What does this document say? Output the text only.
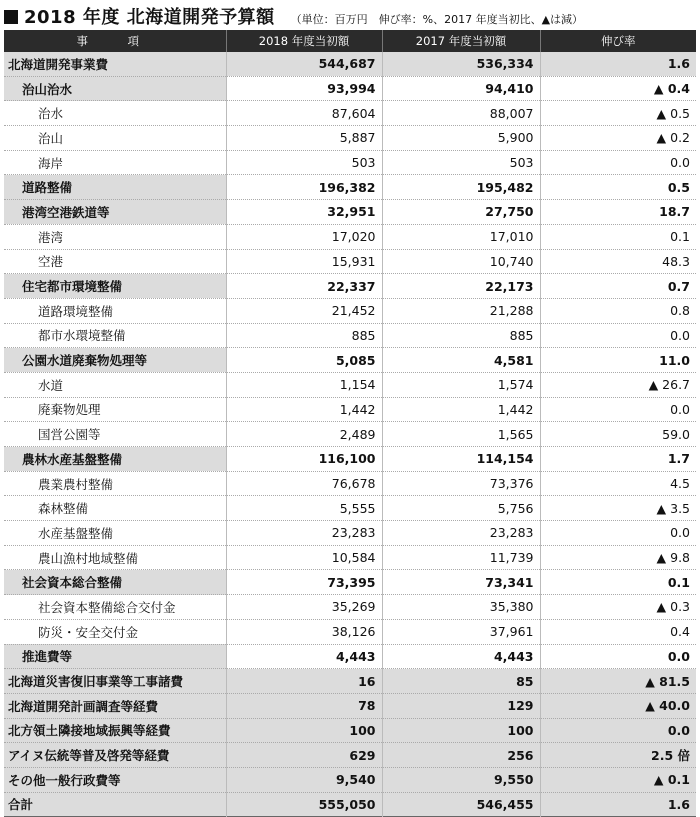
2018 年度 北海道開発予算額 （単位：百万円　伸び率：%、2017 年度当初比、▲は減）
事　項	2018 年度当初額	2017 年度当初額	伸び率
北海道開発事業費	544,687	536,334	1.6
治山治水	93,994	94,410	▲ 0.4
治水	87,604	88,007	▲ 0.5
治山	5,887	5,900	▲ 0.2
海岸	503	503	0.0
道路整備	196,382	195,482	0.5
港湾空港鉄道等	32,951	27,750	18.7
港湾	17,020	17,010	0.1
空港	15,931	10,740	48.3
住宅都市環境整備	22,337	22,173	0.7
道路環境整備	21,452	21,288	0.8
都市水環境整備	885	885	0.0
公園水道廃棄物処理等	5,085	4,581	11.0
水道	1,154	1,574	▲ 26.7
廃棄物処理	1,442	1,442	0.0
国営公園等	2,489	1,565	59.0
農林水産基盤整備	116,100	114,154	1.7
農業農村整備	76,678	73,376	4.5
森林整備	5,555	5,756	▲ 3.5
水産基盤整備	23,283	23,283	0.0
農山漁村地域整備	10,584	11,739	▲ 9.8
社会資本総合整備	73,395	73,341	0.1
社会資本整備総合交付金	35,269	35,380	▲ 0.3
防災・安全交付金	38,126	37,961	0.4
推進費等	4,443	4,443	0.0
北海道災害復旧事業等工事諸費	16	85	▲ 81.5
北海道開発計画調査等経費	78	129	▲ 40.0
北方領土隣接地域振興等経費	100	100	0.0
アイヌ伝統等普及啓発等経費	629	256	2.5 倍
その他一般行政費等	9,540	9,550	▲ 0.1
合計	555,050	546,455	1.6
